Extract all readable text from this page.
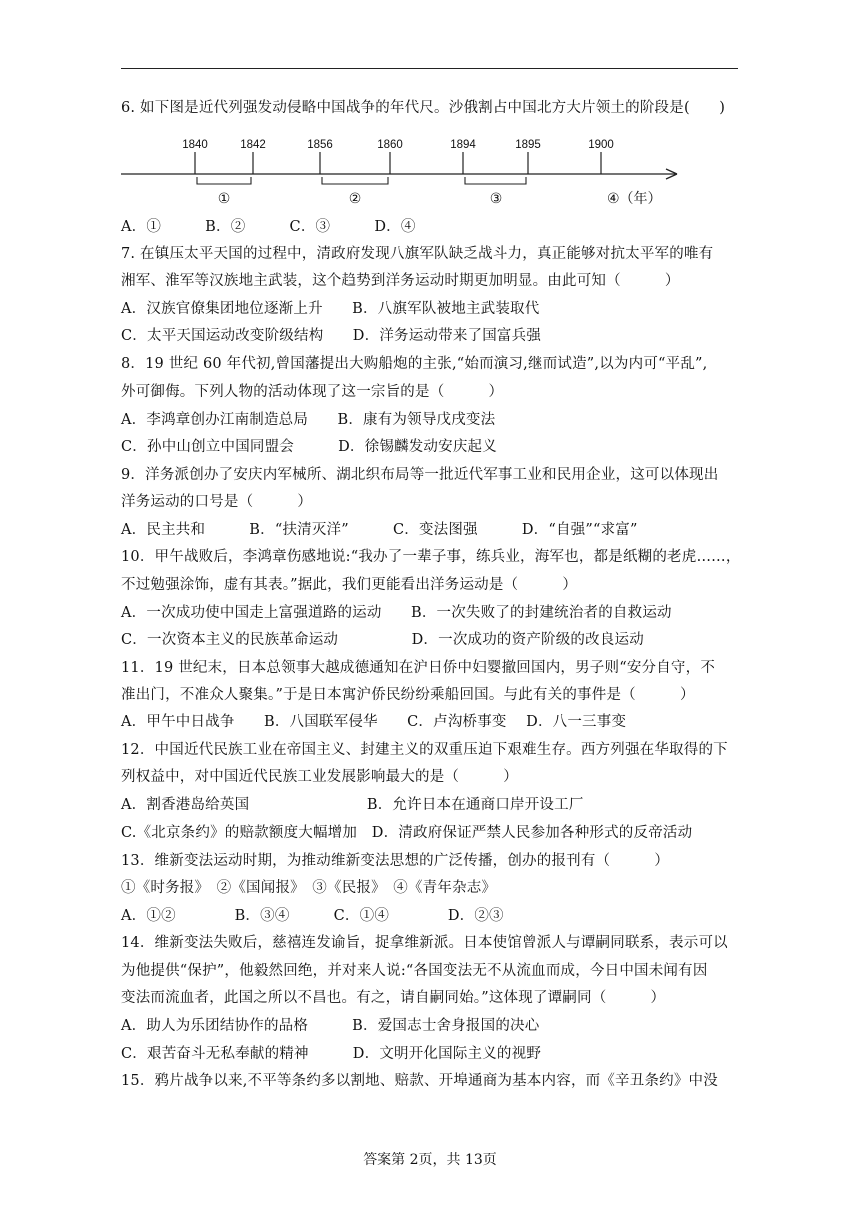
6. 如下图是近代列强发动侵略中国战争的年代尺。沙俄割占中国北方大片领土的阶段是(　　)
1840	1842	1856	1860	1894	1895	1900
①	②	③	④（年）
A．①　　　B．②　　　C．③　　　D．④
7. 在镇压太平天国的过程中，清政府发现八旗军队缺乏战斗力，真正能够对抗太平军的唯有
湘军、淮军等汉族地主武装，这个趋势到洋务运动时期更加明显。由此可知（　　　）
A．汉族官僚集团地位逐渐上升　　B．八旗军队被地主武装取代
C．太平天国运动改变阶级结构　　D．洋务运动带来了国富兵强
8．19 世纪 60 年代初,曾国藩提出大购船炮的主张,“始而演习,继而试造”,以为内可“平乱”,
外可御侮。下列人物的活动体现了这一宗旨的是（　　　）
A．李鸿章创办江南制造总局　　B．康有为领导戊戌变法
C．孙中山创立中国同盟会　　　D．徐锡麟发动安庆起义
9．洋务派创办了安庆内军械所、湖北织布局等一批近代军事工业和民用企业，这可以体现出
洋务运动的口号是（　　　）
A．民主共和　　　B．“扶清灭洋”　　　C．变法图强　　　D．“自强”“求富”
10．甲午战败后，李鸿章伤感地说:“我办了一辈子事，练兵业，海军也，都是纸糊的老虎……，
不过勉强涂饰，虚有其表。”据此，我们更能看出洋务运动是（　　　）
A．一次成功使中国走上富强道路的运动　　B．一次失败了的封建统治者的自救运动
C．一次资本主义的民族革命运动　　　　　D．一次成功的资产阶级的改良运动
11．19 世纪末，日本总领事大越成德通知在沪日侨中妇婴撤回国内，男子则“安分自守，不
准出门，不准众人聚集。”于是日本寓沪侨民纷纷乘船回国。与此有关的事件是（　　　）
A．甲午中日战争　　B．八国联军侵华　　C．卢沟桥事变　 D．八一三事变
12．中国近代民族工业在帝国主义、封建主义的双重压迫下艰难生存。西方列强在华取得的下
列权益中，对中国近代民族工业发展影响最大的是（　　　）
A．割香港岛给英国　　　　　　　　B．允许日本在通商口岸开设工厂
C.《北京条约》的赔款额度大幅增加　D．清政府保证严禁人民参加各种形式的反帝活动
13．维新变法运动时期，为推动维新变法思想的广泛传播，创办的报刊有（　　　）
①《时务报》　②《国闻报》　③《民报》　④《青年杂志》
A．①②　　　　B．③④　　　C．①④　　　　D．②③
14．维新变法失败后，慈禧连发谕旨，捉拿维新派。日本使馆曾派人与谭嗣同联系，表示可以
为他提供“保护”，他毅然回绝，并对来人说:“各国变法无不从流血而成，今日中国未闻有因
变法而流血者，此国之所以不昌也。有之，请自嗣同始。”这体现了谭嗣同（　　　）
A．助人为乐团结协作的品格　　　B．爱国志士舍身报国的决心
C．艰苦奋斗无私奉献的精神　　　D．文明开化国际主义的视野
15．鸦片战争以来,不平等条约多以割地、赔款、开埠通商为基本内容，而《辛丑条约》中没
答案第 2页，共 13页
